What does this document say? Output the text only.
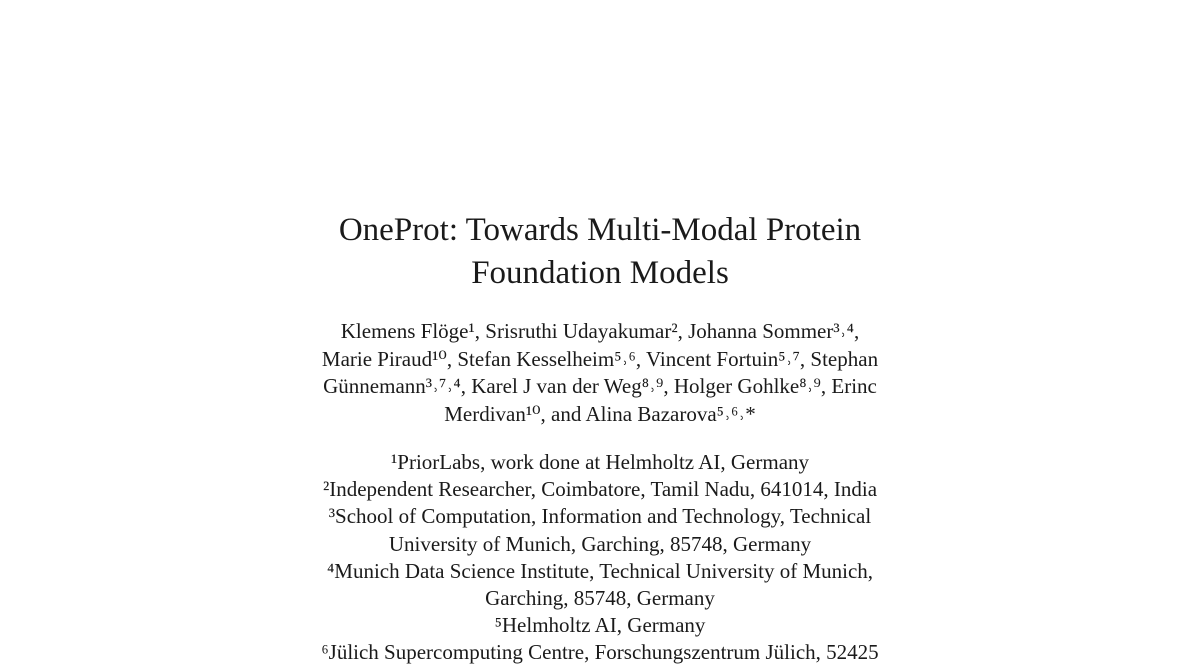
OneProt: Towards Multi-Modal Protein
Foundation Models
Klemens Flöge¹, Srisruthi Udayakumar², Johanna Sommer³˒⁴,
Marie Piraud¹⁰, Stefan Kesselheim⁵˒⁶, Vincent Fortuin⁵˒⁷, Stephan
Günnemann³˒⁷˒⁴, Karel J van der Weg⁸˒⁹, Holger Gohlke⁸˒⁹, Erinc
Merdivan¹⁰, and Alina Bazarova⁵˒⁶˒*
¹PriorLabs, work done at Helmholtz AI, Germany
²Independent Researcher, Coimbatore, Tamil Nadu, 641014, India
³School of Computation, Information and Technology, Technical
University of Munich, Garching, 85748, Germany
⁴Munich Data Science Institute, Technical University of Munich,
Garching, 85748, Germany
⁵Helmholtz AI, Germany
⁶Jülich Supercomputing Centre, Forschungszentrum Jülich, 52425
